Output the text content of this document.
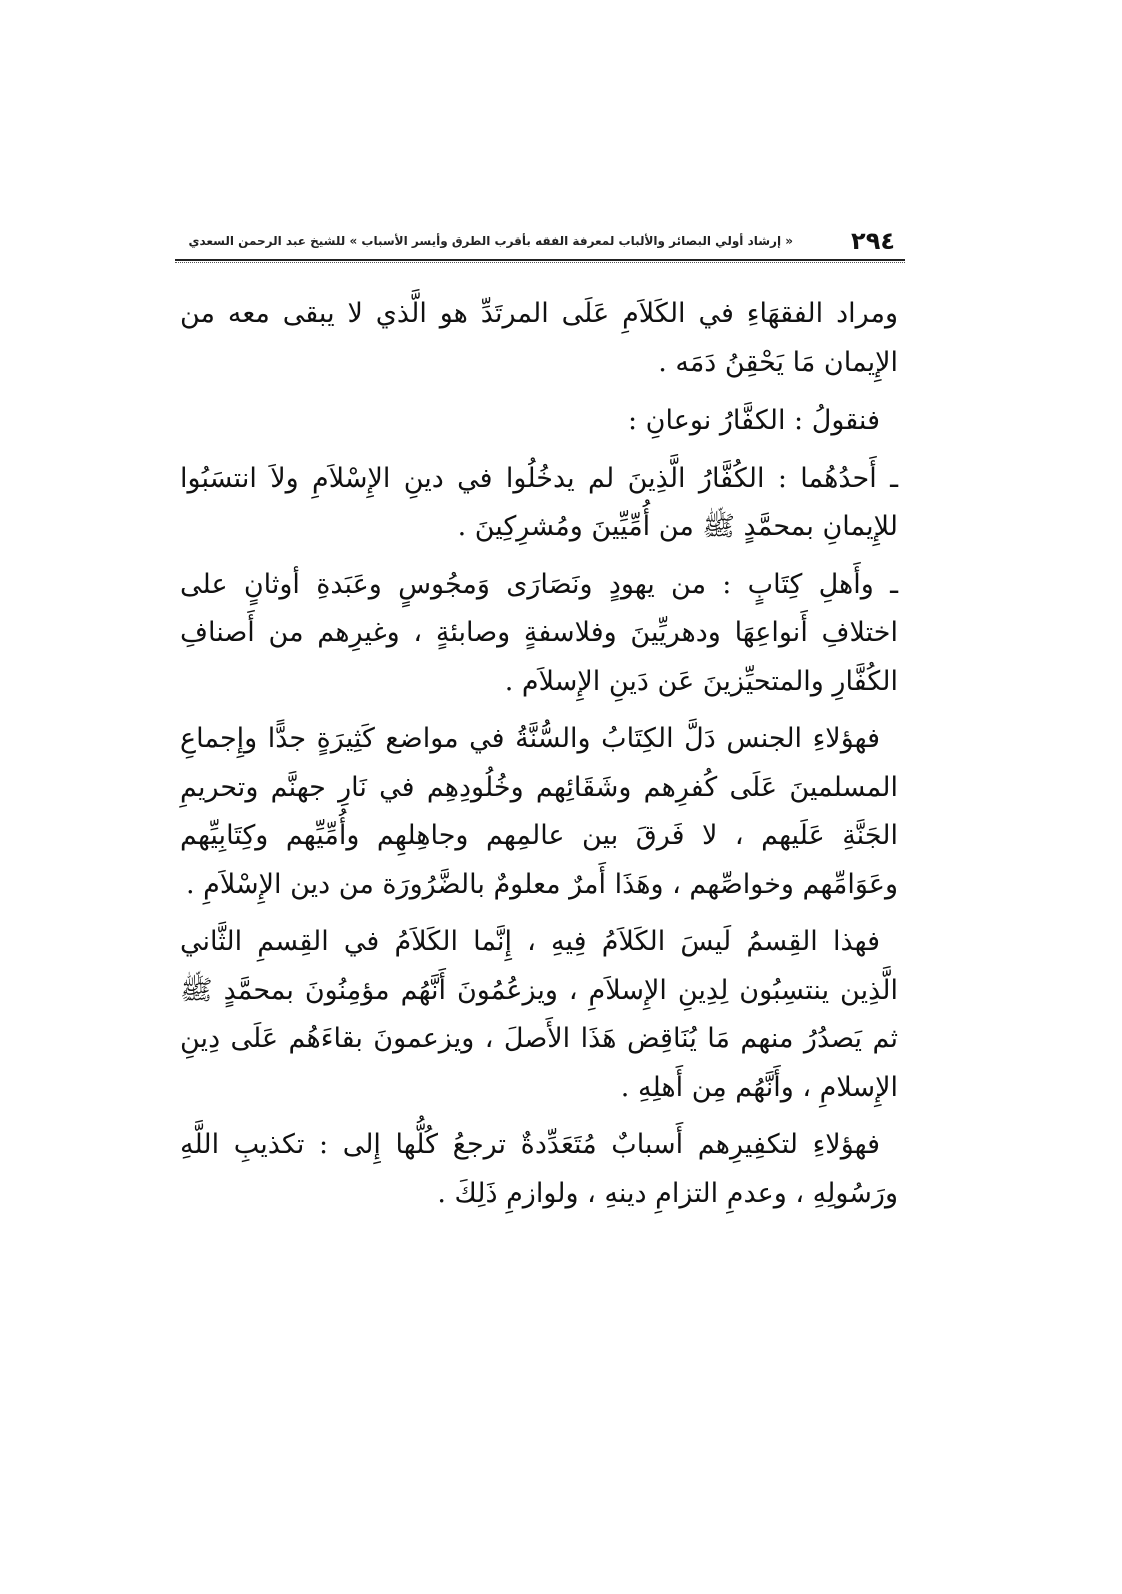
٢٩٤
« إرشاد أولي البصائر والألباب لمعرفة الفقه بأقرب الطرق وأيسر الأسباب » للشيخ عبد الرحمن السعدي

ومراد الفقهَاءِ في الكَلاَمِ عَلَى المرتَدِّ هو الَّذي لا يبقى معه من الإِيمان مَا يَحْقِنُ دَمَه .

فنقولُ : الكفَّارُ نوعانِ :

ـ أَحدُهُما : الكُفَّارُ الَّذِينَ لم يدخُلُوا في دينِ الإِسْلاَمِ ولاَ انتسَبُوا للإِيمانِ بمحمَّدٍ ﷺ من أُمِّيِّينَ ومُشرِكِينَ .

ـ وأَهلِ كِتَابٍ : من يهودٍ ونَصَارَى وَمجُوسٍ وعَبَدةِ أوثانٍ على اختلافِ أَنواعِهَا ودهريِّينَ وفلاسفةٍ وصابئةٍ ، وغيرِهم من أَصنافِ الكُفَّارِ والمتحيِّزينَ عَن دَينِ الإِسلاَم .

فهؤلاءِ الجنس دَلَّ الكِتَابُ والسُّنَّةُ في مواضع كَثِيرَةٍ جدًّا وإِجماعِ المسلمينَ عَلَى كُفرِهم وشَقَائِهم وخُلُودِهِم في نَارِ جهنَّم وتحريمِ الجَنَّةِ عَلَيهم ، لا فَرقَ بين عالمِهم وجاهِلهِم وأُمِّيِّهم وكِتَابِيِّهم وعَوَامِّهم وخواصِّهم ، وهَذَا أَمرٌ معلومٌ بالضَّرُورَة من دين الإِسْلاَمِ .

فهذا القِسمُ لَيسَ الكَلاَمُ فِيهِ ، إِنَّما الكَلاَمُ في القِسمِ الثَّاني الَّذِين ينتسِبُون لِدِينِ الإِسلاَمِ ، ويزعُمُونَ أَنَّهُم مؤمِنُونَ بمحمَّدٍ ﷺ ثم يَصدُرُ منهم مَا يُنَاقِض هَذَا الأَصلَ ، ويزعمونَ بقاءَهُم عَلَى دِينِ الإِسلامِ ، وأَنَّهُم مِن أَهلِهِ .

فهؤلاءِ لتكفِيرِهم أَسبابٌ مُتَعَدِّدةٌ ترجعُ كُلُّها إِلى : تكذيبِ اللَّهِ ورَسُولِهِ ، وعدمِ التزامِ دينهِ ، ولوازمِ ذَلِكَ .
